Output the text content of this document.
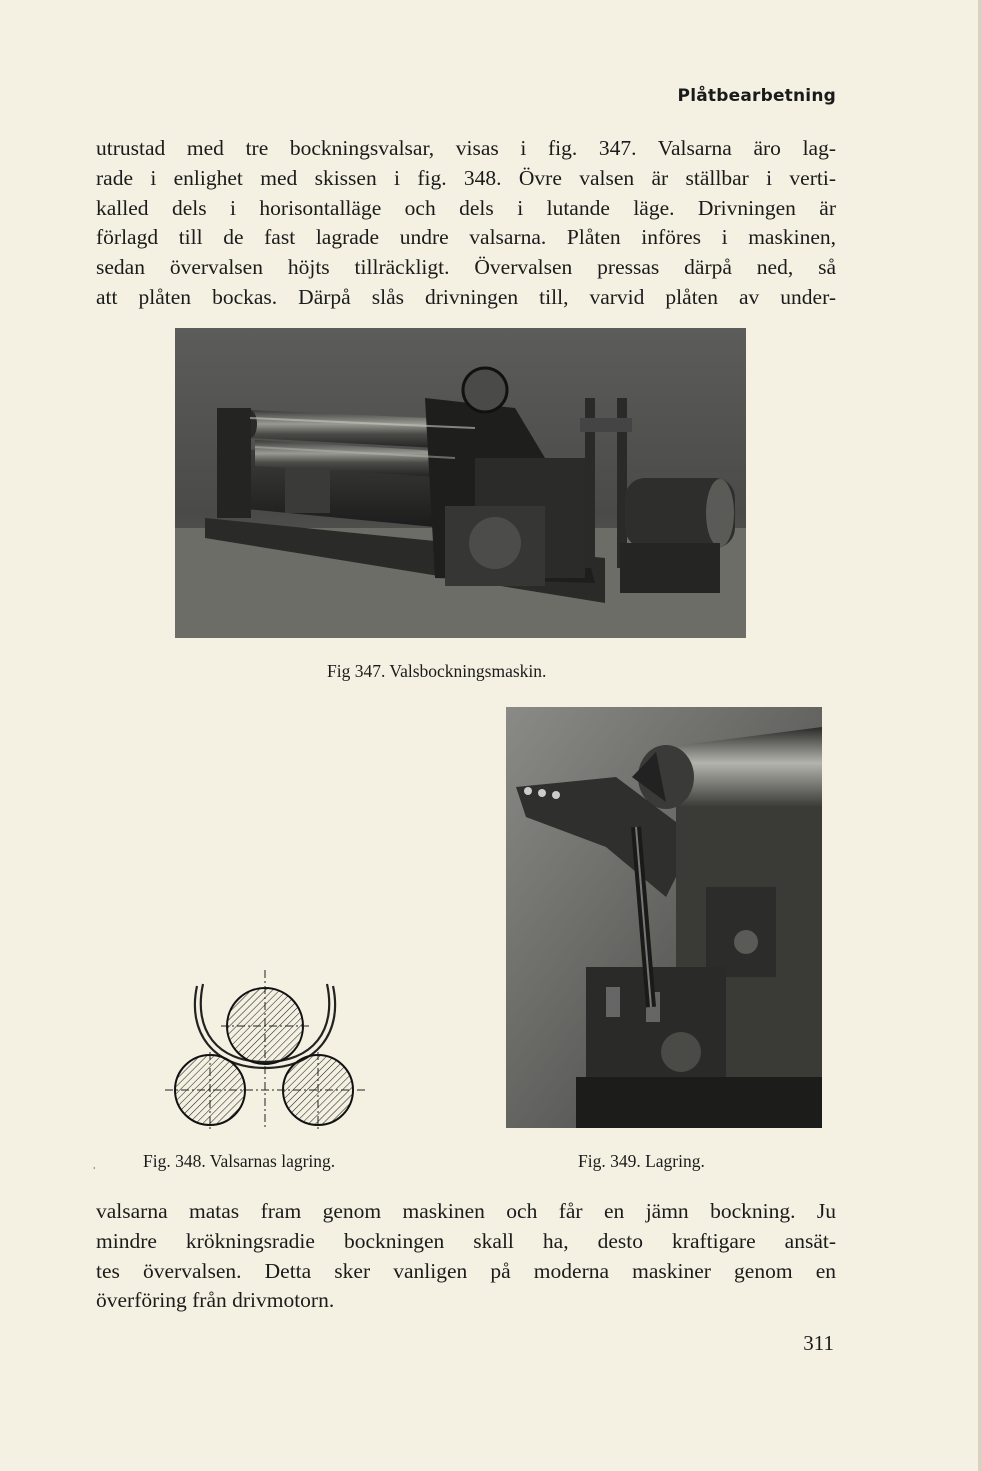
Plåtbearbetning

utrustad med tre bockningsvalsar, visas i fig. 347. Valsarna äro lag-
rade i enlighet med skissen i fig. 348. Övre valsen är ställbar i verti-
kalled dels i horisontalläge och dels i lutande läge. Drivningen är
förlagd till de fast lagrade undre valsarna. Plåten införes i maskinen,
sedan övervalsen höjts tillräckligt. Övervalsen pressas därpå ned, så
att plåten bockas. Därpå slås drivningen till, varvid plåten av under-

Fig 347. Valsbockningsmaskin.
ˌ	Fig. 348. Valsarnas lagring.	Fig. 349. Lagring.

valsarna matas fram genom maskinen och får en jämn bockning. Ju
mindre krökningsradie bockningen skall ha, desto kraftigare ansät-
tes övervalsen. Detta sker vanligen på moderna maskiner genom en
överföring från drivmotorn.

311
